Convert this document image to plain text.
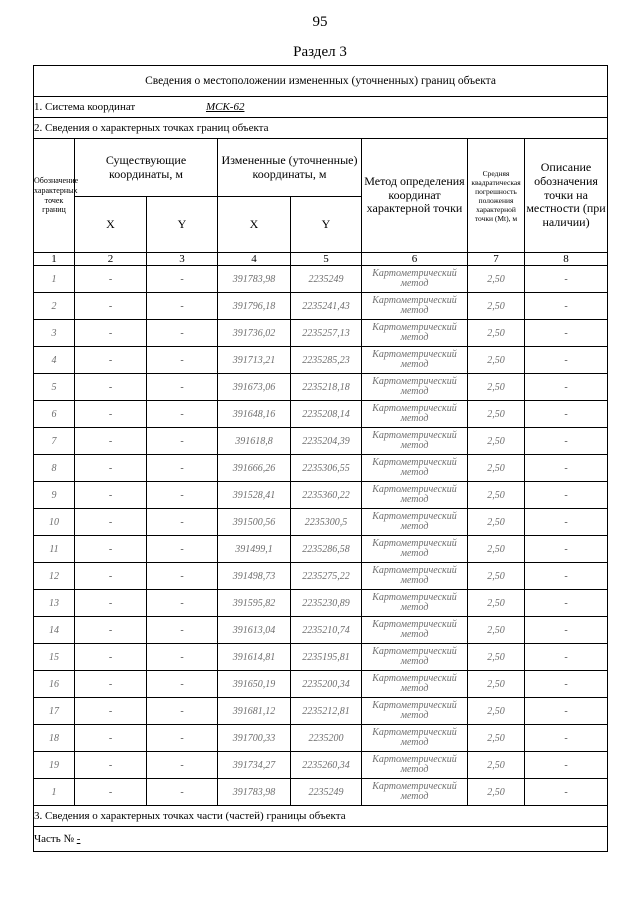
95
Раздел 3
Сведения о местоположении измененных (уточненных) границ объекта							
1. Система координат МСК-62							
2. Сведения о характерных точках границ объекта							
Обозначение характерных точек границ	Существующие координаты, м		Измененные (уточненные) координаты, м		Метод определения координат характерной точки	Средняя квадратическая погрешность положения характерной точки (Mt), м	Описание обозначения точки на местности (при наличии)
	X	Y	X	Y			
1	2	3	4	5	6	7	8
1	-	-	391783,98	2235249	Картометрический метод	2,50	-
2	-	-	391796,18	2235241,43	Картометрический метод	2,50	-
3	-	-	391736,02	2235257,13	Картометрический метод	2,50	-
4	-	-	391713,21	2235285,23	Картометрический метод	2,50	-
5	-	-	391673,06	2235218,18	Картометрический метод	2,50	-
6	-	-	391648,16	2235208,14	Картометрический метод	2,50	-
7	-	-	391618,8	2235204,39	Картометрический метод	2,50	-
8	-	-	391666,26	2235306,55	Картометрический метод	2,50	-
9	-	-	391528,41	2235360,22	Картометрический метод	2,50	-
10	-	-	391500,56	2235300,5	Картометрический метод	2,50	-
11	-	-	391499,1	2235286,58	Картометрический метод	2,50	-
12	-	-	391498,73	2235275,22	Картометрический метод	2,50	-
13	-	-	391595,82	2235230,89	Картометрический метод	2,50	-
14	-	-	391613,04	2235210,74	Картометрический метод	2,50	-
15	-	-	391614,81	2235195,81	Картометрический метод	2,50	-
16	-	-	391650,19	2235200,34	Картометрический метод	2,50	-
17	-	-	391681,12	2235212,81	Картометрический метод	2,50	-
18	-	-	391700,33	2235200	Картометрический метод	2,50	-
19	-	-	391734,27	2235260,34	Картометрический метод	2,50	-
1	-	-	391783,98	2235249	Картометрический метод	2,50	-
3. Сведения о характерных точках части (частей) границы объекта							
Часть № -							
